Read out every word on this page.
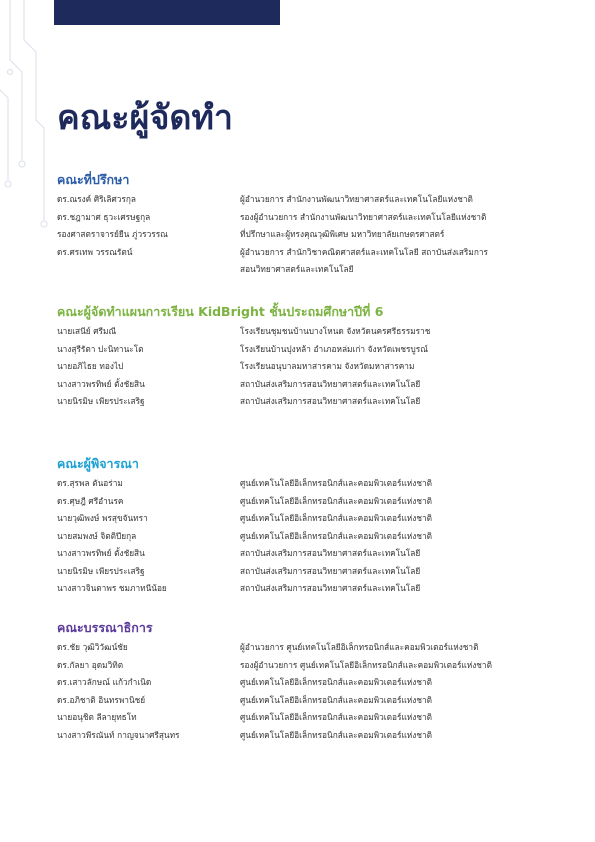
คณะผู้จัดทำ
คณะที่ปรึกษา
ดร.ณรงค์ ศิริเลิศวรกุล	ผู้อำนวยการ สำนักงานพัฒนาวิทยาศาสตร์และเทคโนโลยีแห่งชาติ
ดร.ชฎามาศ ธุวะเศรษฐกุล	รองผู้อำนวยการ สำนักงานพัฒนาวิทยาศาสตร์และเทคโนโลยีแห่งชาติ
รองศาสตราจารย์ยืน ภู่วรวรรณ	ที่ปรึกษาและผู้ทรงคุณวุฒิพิเศษ มหาวิทยาลัยเกษตรศาสตร์
ดร.ศรเทพ วรรณรัตน์	ผู้อำนวยการ สำนักวิชาคณิตศาสตร์และเทคโนโลยี สถาบันส่งเสริมการ
สอนวิทยาศาสตร์และเทคโนโลยี
คณะผู้จัดทำแผนการเรียน KidBright ชั้นประถมศึกษาปีที่ 6
นายเสนีย์ ศรีมณี	โรงเรียนชุมชนบ้านบางโหนด จังหวัดนครศรีธรรมราช
นางสุรีรัตา ปะนิทานะโต	โรงเรียนบ้านปุงหล้า อำเภอหล่มเก่า จังหวัดเพชรบูรณ์
นายอภิไธย ทองไป	โรงเรียนอนุบาลมหาสารคาม จังหวัดมหาสารคาม
นางสาวพรทิพย์ ตั้งชัยสิน	สถาบันส่งเสริมการสอนวิทยาศาสตร์และเทคโนโลยี
นายนิรมิษ เพียรประเสริฐ	สถาบันส่งเสริมการสอนวิทยาศาสตร์และเทคโนโลยี
คณะผู้พิจารณา
ดร.สุรพล ตันอร่าม	ศูนย์เทคโนโลยีอิเล็กทรอนิกส์และคอมพิวเตอร์แห่งชาติ
ดร.ศุษฎี ศรีอำนรค	ศูนย์เทคโนโลยีอิเล็กทรอนิกส์และคอมพิวเตอร์แห่งชาติ
นายวุฒิพงษ์ พรสุขจันทรา	ศูนย์เทคโนโลยีอิเล็กทรอนิกส์และคอมพิวเตอร์แห่งชาติ
นายสมพงษ์ จิตติปียกุล	ศูนย์เทคโนโลยีอิเล็กทรอนิกส์และคอมพิวเตอร์แห่งชาติ
นางสาวพรทิพย์ ตั้งชัยสิน	สถาบันส่งเสริมการสอนวิทยาศาสตร์และเทคโนโลยี
นายนิรมิษ เพียรประเสริฐ	สถาบันส่งเสริมการสอนวิทยาศาสตร์และเทคโนโลยี
นางสาวจินตาพร ชมภาทนีน้อย	สถาบันส่งเสริมการสอนวิทยาศาสตร์และเทคโนโลยี
คณะบรรณาธิการ
ดร.ชัย วุฒิวิวัฒน์ชัย	ผู้อำนวยการ ศูนย์เทคโนโลยีอิเล็กทรอนิกส์และคอมพิวเตอร์แห่งชาติ
ดร.กัลยา อุดมวิทิต	รองผู้อำนวยการ ศูนย์เทคโนโลยีอิเล็กทรอนิกส์และคอมพิวเตอร์แห่งชาติ
ดร.เสาวลักษณ์ แก้วกำเนิด	ศูนย์เทคโนโลยีอิเล็กทรอนิกส์และคอมพิวเตอร์แห่งชาติ
ดร.อภิชาติ อินทรพานิชย์	ศูนย์เทคโนโลยีอิเล็กทรอนิกส์และคอมพิวเตอร์แห่งชาติ
นายอนุชิต ลีลายุทธโท	ศูนย์เทคโนโลยีอิเล็กทรอนิกส์และคอมพิวเตอร์แห่งชาติ
นางสาวพีรณันท์ กาญจนาศรีสุนทร	ศูนย์เทคโนโลยีอิเล็กทรอนิกส์และคอมพิวเตอร์แห่งชาติ
